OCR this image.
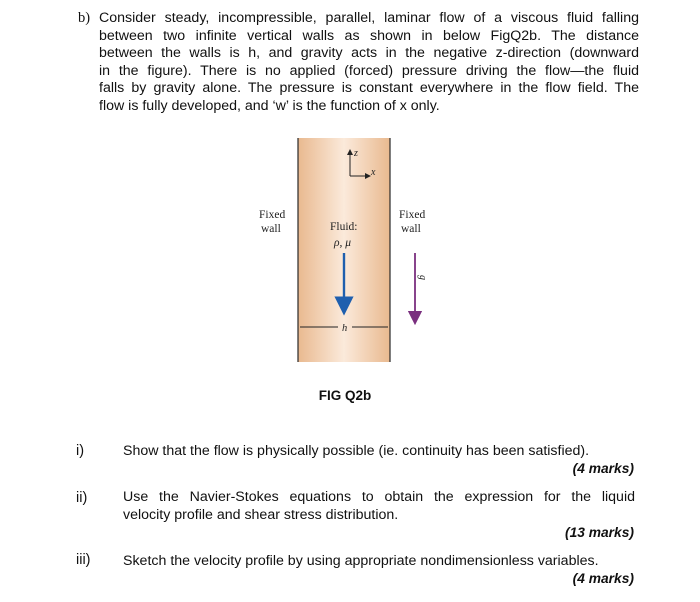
b) Consider steady, incompressible, parallel, laminar flow of a viscous fluid falling
between two infinite vertical walls as shown in below FigQ2b. The distance
between the walls is h, and gravity acts in the negative z-direction (downward
in the figure). There is no applied (forced) pressure driving the flow—the fluid
falls by gravity alone. The pressure is constant everywhere in the flow field. The
flow is fully developed, and ‘w’ is the function of x only.
z
x
Fixed
wall
Fixed
wall
Fluid:
ρ, μ
g
h
FIG Q2b
i)	Show that the flow is physically possible (ie. continuity has been satisfied).
(4 marks)
ii)	Use the Navier-Stokes equations to obtain the expression for the liquid
velocity profile and shear stress distribution.
(13 marks)
iii) Sketch the velocity profile by using appropriate nondimensionless variables.
(4 marks)
